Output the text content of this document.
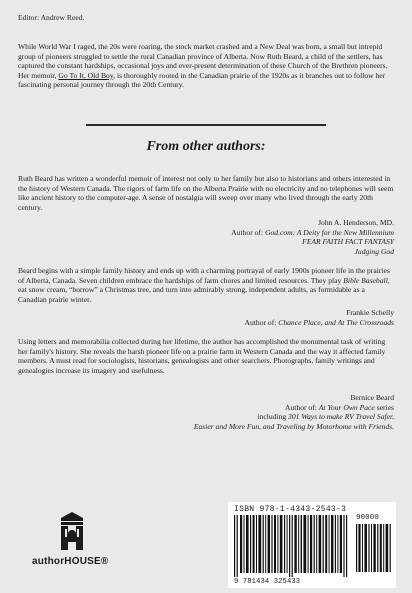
Editor: Andrew Reed.

While World War I raged, the 20s were roaring, the stock market crashed and a New Deal was born, a small but intrepid group of pioneers struggled to settle the rural Canadian province of Alberta. Now Ruth Beard, a child of the settlers, has captured the constant hardships, occasional joys and ever-present determination of these Church of the Brethren pioneers. Her memoir, Go To It, Old Boy, is thoroughly rooted in the Canadian prairie of the 1920s as it branches out to follow her fascinating personal journey through the 20th Century.

From other authors:

Ruth Beard has written a wonderful memoir of interest not only to her family but also to historians and others interested in the history of Western Canada. The rigors of farm life on the Alberta Prairie with no electricity and no telephones will seem like ancient history to the computer-age. A sense of nostalgia will sweep over many who lived through the early 20th century.

John A. Henderson, MD.
Author of: God.com: A Deity for the New Millennium
FEAR FAITH FACT FANTASY
Judging God

Beard begins with a simple family history and ends up with a charming portrayal of early 1900s pioneer life in the prairies of Alberta, Canada. Seven children embrace the hardships of farm chores and limited resources. They play Bible Baseball, eat snow cream, “borrow” a Christmas tree, and turn into admirably strong, independent adults, as formidable as a Canadian prairie winter.

Frankie Schelly
Author of: Chance Place, and At The Crossroads

Using letters and memorabilia collected during her lifetime, the author has accomplished the monumental task of writing her family's history. She reveals the harsh pioneer life on a prairie farm in Western Canada and the way it affected family members. A must read for sociologists, historians, genealogists and other searchers. Photographs, family writings and genealogies increase its imagery and usefulness.

Bernice Beard
Author of: At Your Own Pace series
including 301 Ways to make RV Travel Safer,
Easier and More Fun, and Traveling by Motorhome with Friends.
authorHOUSE®
ISBN 978-1-4343-2543-3
90000
9 781434 325433
